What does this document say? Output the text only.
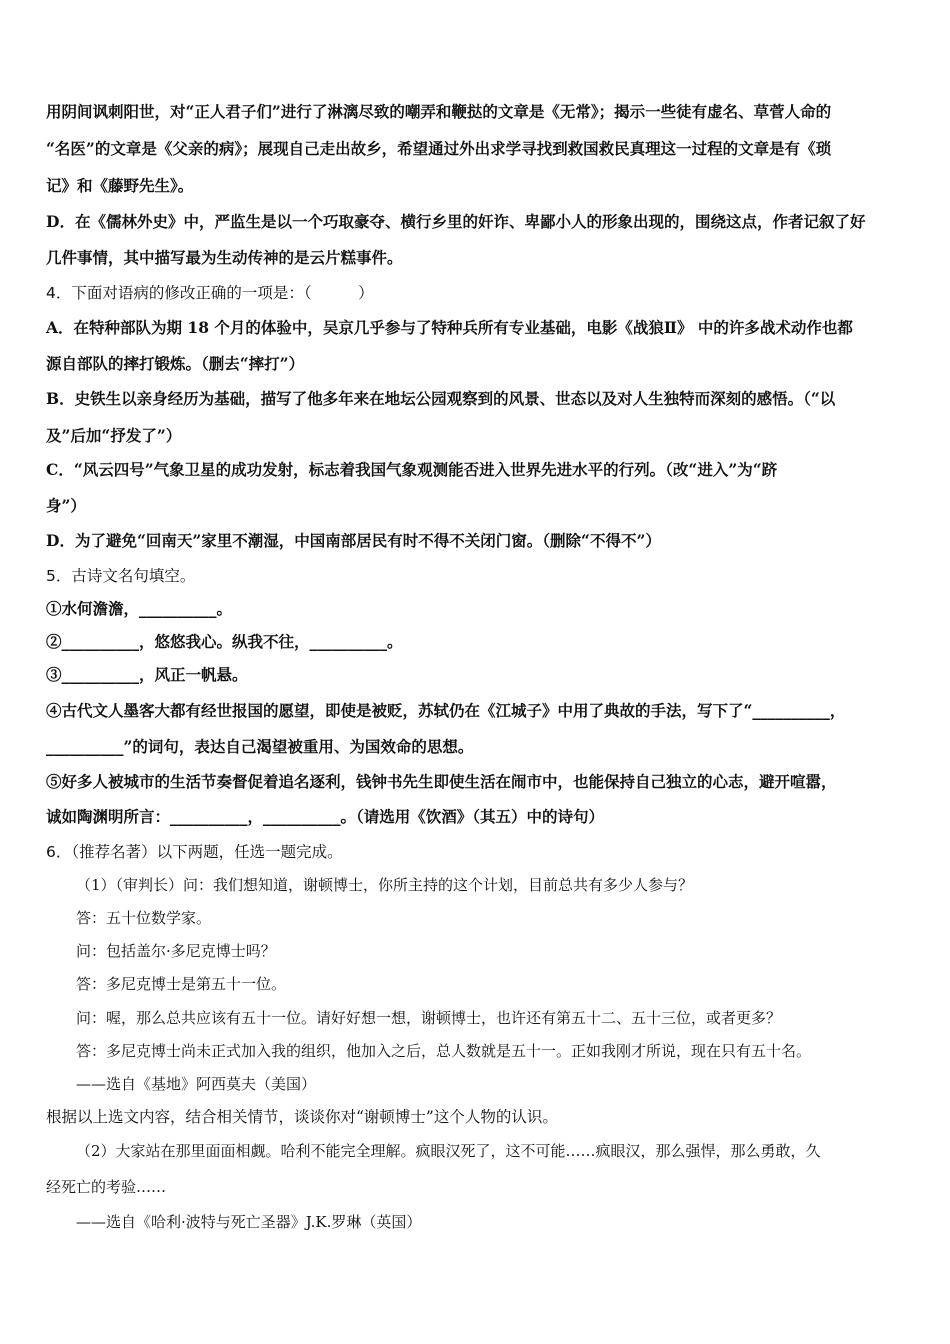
用阴间讽刺阳世，对“正人君子们”进行了淋漓尽致的嘲弄和鞭挞的文章是《无常》；揭示一些徒有虚名、草菅人命的
“名医”的文章是《父亲的病》；展现自己走出故乡，希望通过外出求学寻找到救国救民真理这一过程的文章是有《琐
记》和《藤野先生》。
D．在《儒林外史》中，严监生是以一个巧取豪夺、横行乡里的奸诈、卑鄙小人的形象出现的，围绕这点，作者记叙了好
几件事情，其中描写最为生动传神的是云片糕事件。
4．下面对语病的修改正确的一项是：（　　　）
A．在特种部队为期 18 个月的体验中，吴京几乎参与了特种兵所有专业基础，电影《战狼Ⅱ》 中的许多战术动作也都
源自部队的摔打锻炼。（删去“摔打”）
B．史铁生以亲身经历为基础，描写了他多年来在地坛公园观察到的风景、世态以及对人生独特而深刻的感悟。（“以
及”后加“抒发了”）
C．“风云四号”气象卫星的成功发射，标志着我国气象观测能否进入世界先进水平的行列。（改“进入”为“跻
身”）
D．为了避免“回南天”家里不潮湿，中国南部居民有时不得不关闭门窗。（删除“不得不”）
5．古诗文名句填空。
①水何澹澹，__________。
②__________，悠悠我心。纵我不往，__________。
③__________，风正一帆悬。
④古代文人墨客大都有经世报国的愿望，即使是被贬，苏轼仍在《江城子》中用了典故的手法，写下了“__________，
__________”的词句，表达自己渴望被重用、为国效命的思想。
⑤好多人被城市的生活节奏督促着追名逐利，钱钟书先生即使生活在闹市中，也能保持自己独立的心志，避开喧嚣，
诚如陶渊明所言：__________，__________。（请选用《饮酒》（其五）中的诗句）
6．（推荐名著）以下两题，任选一题完成。
（1）（审判长）问：我们想知道，谢顿博士，你所主持的这个计划，目前总共有多少人参与？
答：五十位数学家。
问：包括盖尔·多尼克博士吗？
答：多尼克博士是第五十一位。
问：喔，那么总共应该有五十一位。请好好想一想，谢顿博士，也许还有第五十二、五十三位，或者更多？
答：多尼克博士尚未正式加入我的组织，他加入之后，总人数就是五十一。正如我刚才所说，现在只有五十名。
——选自《基地》阿西莫夫（美国）
根据以上选文内容，结合相关情节，谈谈你对“谢顿博士”这个人物的认识。
（2）大家站在那里面面相觑。哈利不能完全理解。疯眼汉死了，这不可能……疯眼汉，那么强悍，那么勇敢，久
经死亡的考验……
——选自《哈利·波特与死亡圣器》J.K.罗琳（英国）
